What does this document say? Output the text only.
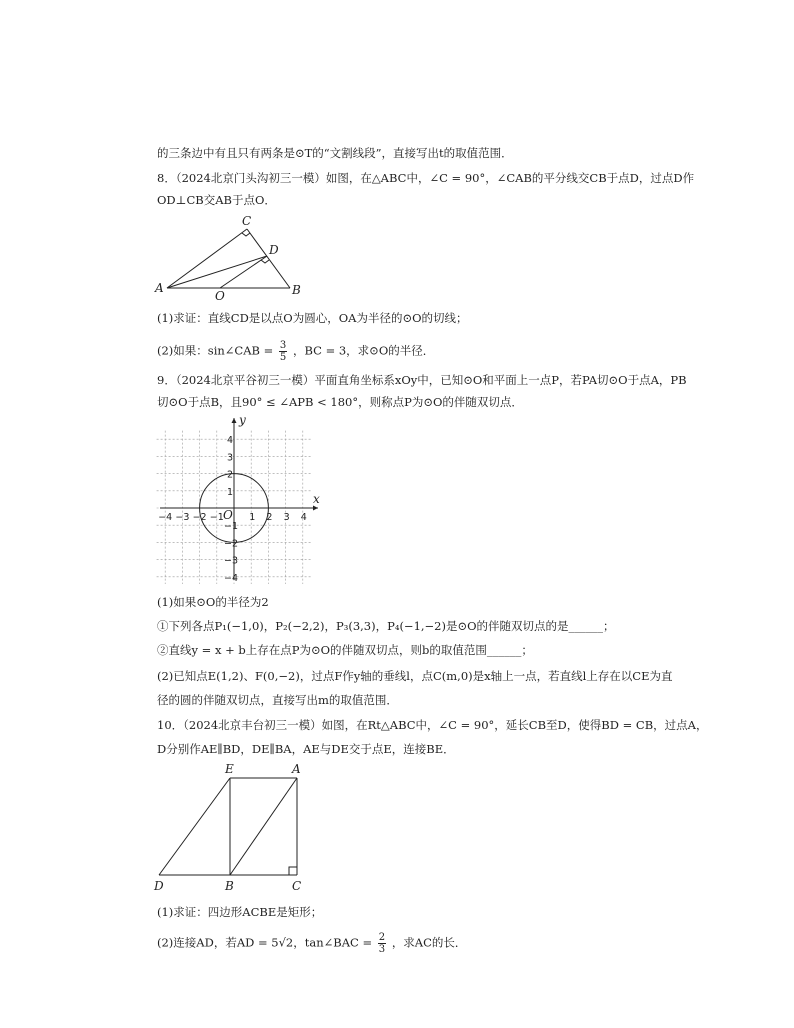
的三条边中有且只有两条是⊙T的“文割线段”，直接写出t的取值范围．
8．（2024北京门头沟初三一模）如图，在△ABC中，∠C = 90°，∠CAB的平分线交CB于点D，过点D作
OD⊥CB交AB于点O．
C
D
A	B
O
(1)求证：直线CD是以点O为圆心，OA为半径的⊙O的切线；
(2)如果：sin∠CAB = $\frac{3}{5}$ ，BC = 3，求⊙O的半径．
9．（2024北京平谷初三一模）平面直角坐标系xOy中，已知⊙O和平面上一点P，若PA切⊙O于点A，PB
切⊙O于点B，且90° ≤ ∠APB < 180°，则称点P为⊙O的伴随双切点．
x
y
O
−4 −3 −2 −1	1 2 3 4
4
3
2
1
−1
−2
−3
−4
(1)如果⊙O的半径为2
①下列各点P₁(−1,0)，P₂(−2,2)，P₃(3,3)，P₄(−1,−2)是⊙O的伴随双切点的是______；
②直线y = x + b上存在点P为⊙O的伴随双切点，则b的取值范围______；
(2)已知点E(1,2)、F(0,−2)，过点F作y轴的垂线l，点C(m,0)是x轴上一点，若直线l上存在以CE为直
径的圆的伴随双切点，直接写出m的取值范围．
10．（2024北京丰台初三一模）如图，在Rt△ABC中，∠C = 90°，延长CB至D，使得BD = CB，过点A，
D分别作AE∥BD，DE∥BA，AE与DE交于点E，连接BE．
E	A
D	B	C
(1)求证：四边形ACBE是矩形；
(2)连接AD，若AD = 5√2，tan∠BAC = $\frac{2}{3}$ ，求AC的长．
